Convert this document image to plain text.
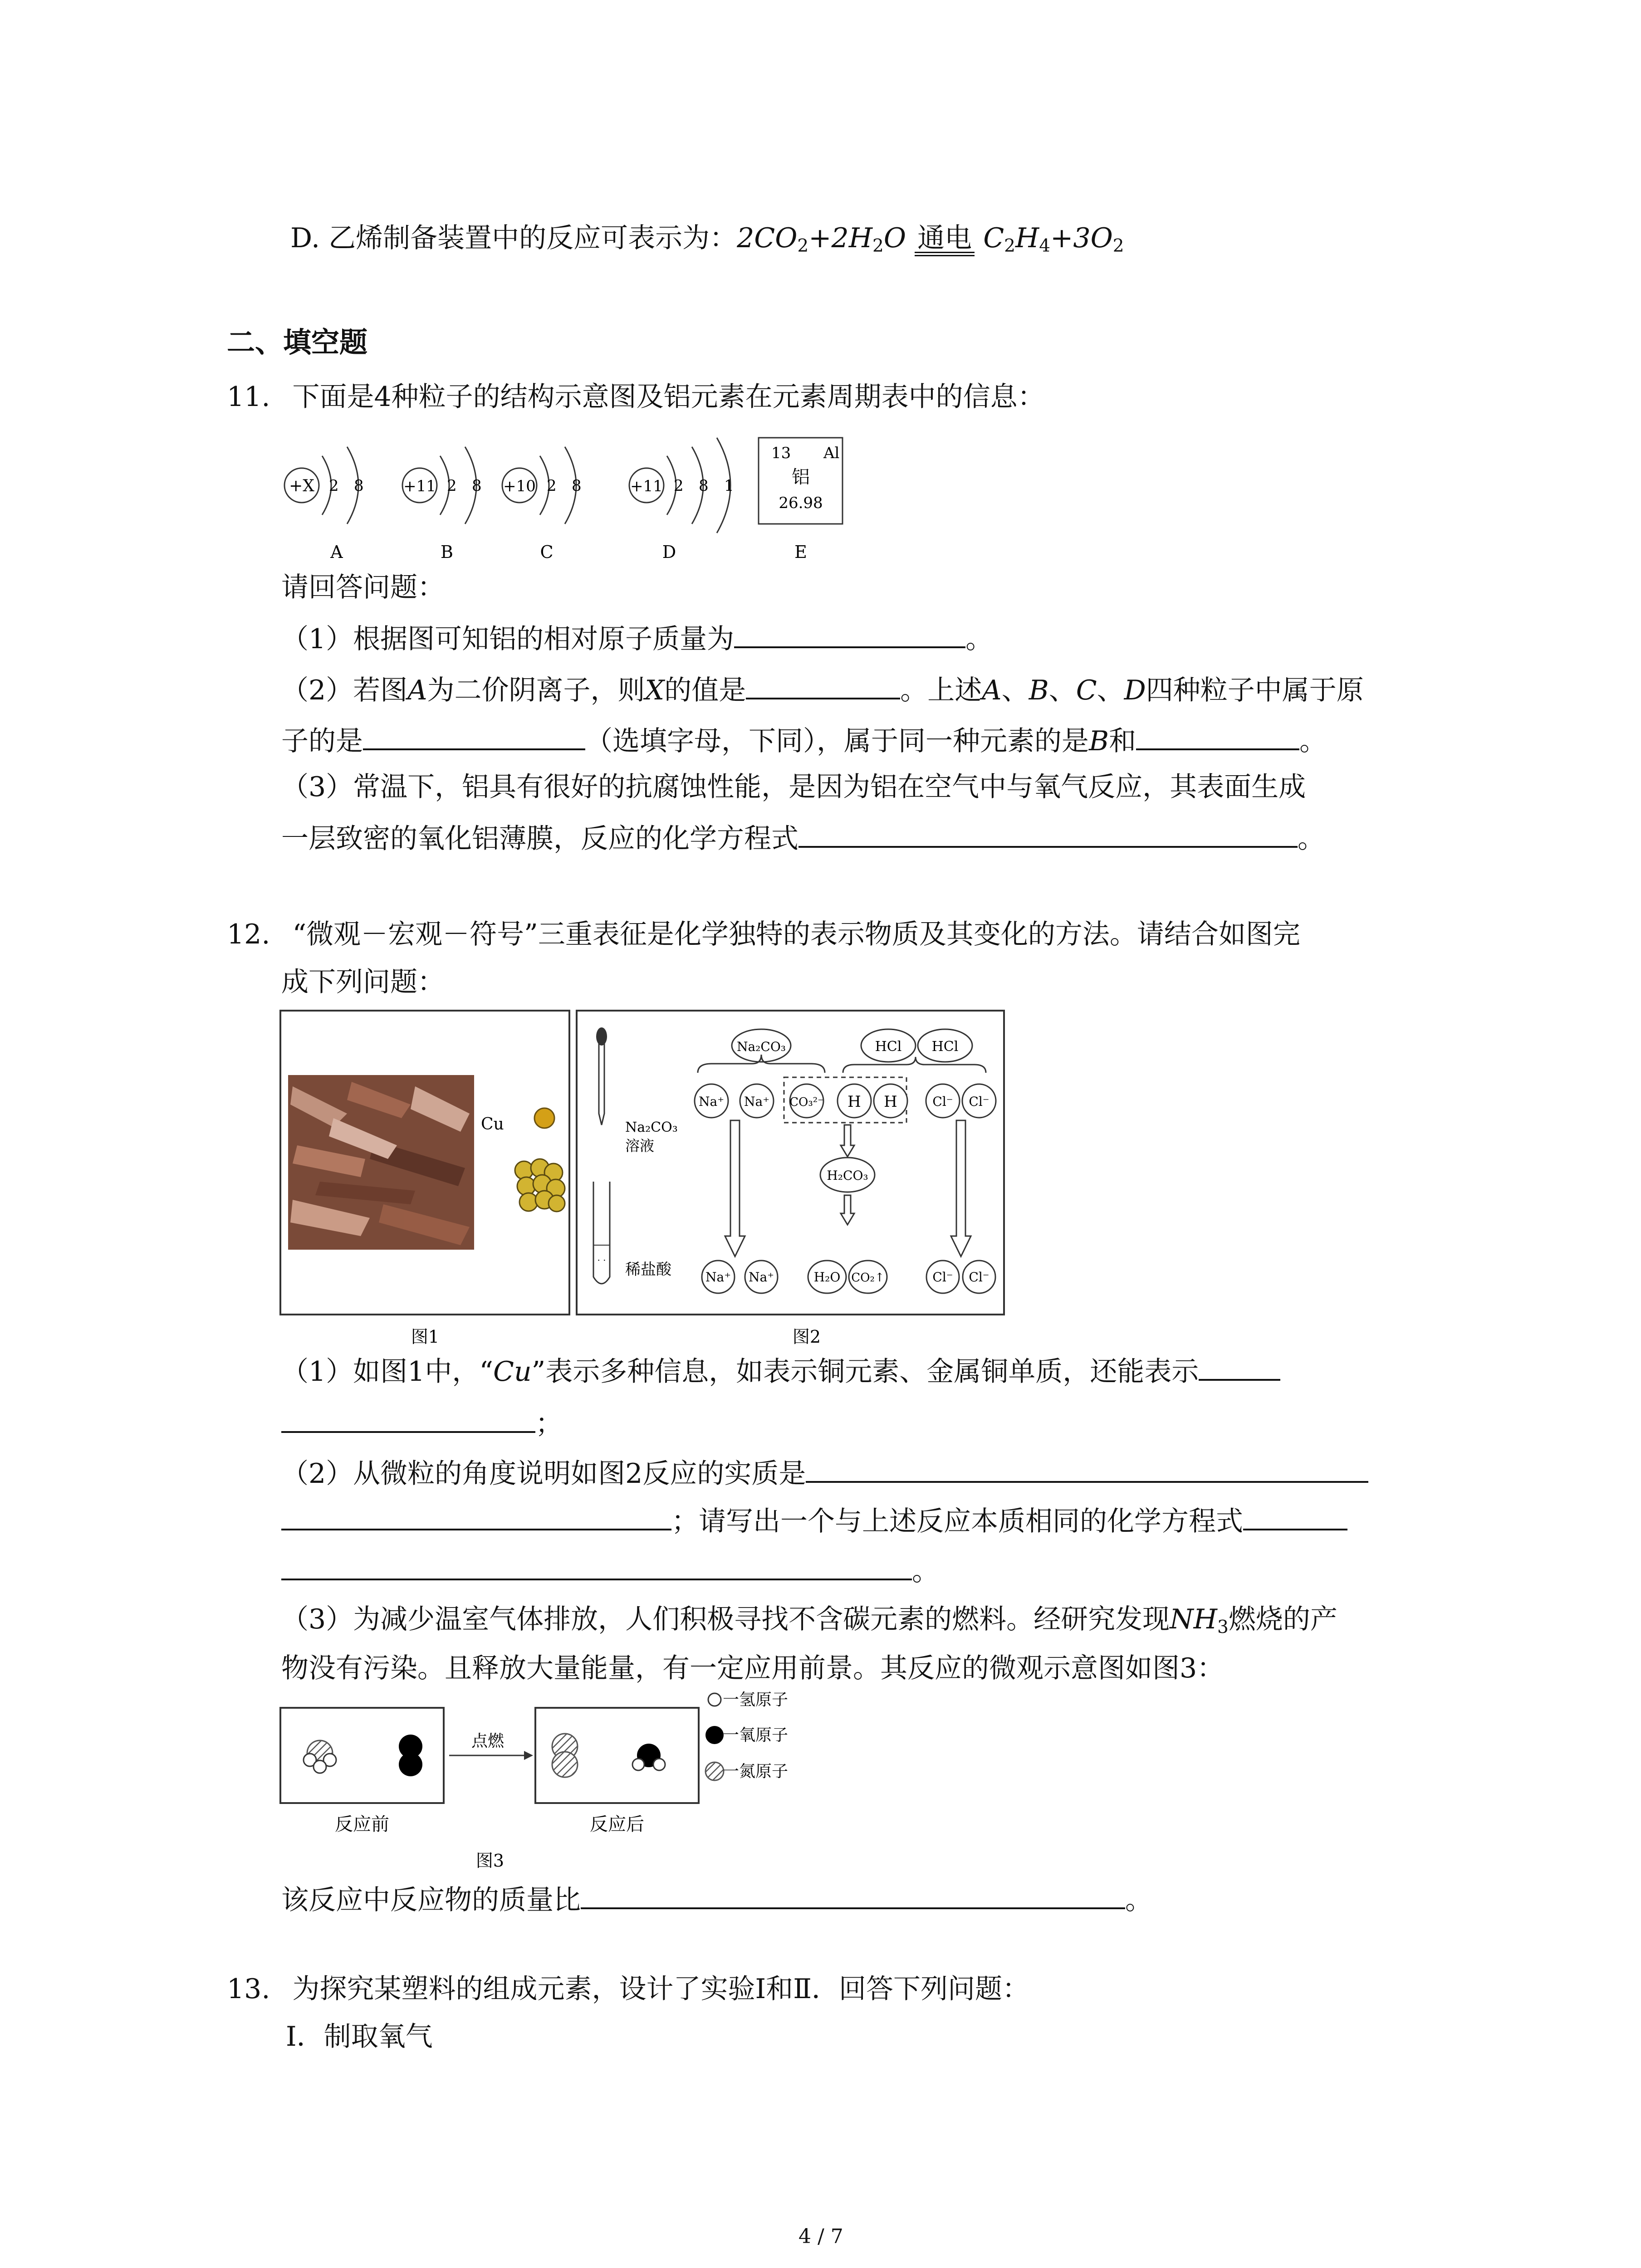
D. 乙烯制备装置中的反应可表示为：$2CO_2+2H_2O$ 通电 $C_2H_4+3O_2$
二、填空题
11. 下面是4种粒子的结构示意图及铝元素在元素周期表中的信息：
+X 2 8
A
+11 2 8
B
+10 2 8
C
+11 2 8 1
D
13 Al
铝
26.98
E
请回答问题：
（1）根据图可知铝的相对原子质量为	。
（2）若图A为二价阴离子，则X的值是	。上述A、B、C、D四种粒子中属于原
子的是	（选填字母，下同），属于同一种元素的是B和	。
（3）常温下，铝具有很好的抗腐蚀性能，是因为铝在空气中与氧气反应，其表面生成
一层致密的氧化铝薄膜，反应的化学方程式	。
12. “微观－宏观－符号”三重表征是化学独特的表示物质及其变化的方法。请结合如图完
成下列问题：
Cu
图1
Na₂CO₃
溶液
· ·
稀盐酸
Na₂CO₃	HCl HCl
Na⁺ Na⁺ CO₃²⁻ H H	Cl⁻ Cl⁻
H₂CO₃
Na⁺ Na⁺	H₂O CO₂↑	Cl⁻ Cl⁻
图2
（1）如图1中，“Cu”表示多种信息，如表示铜元素、金属铜单质，还能表示
；
（2）从微粒的角度说明如图2反应的实质是
；请写出一个与上述反应本质相同的化学方程式
。
（3）为减少温室气体排放，人们积极寻找不含碳元素的燃料。经研究发现$NH_3$燃烧的产
物没有污染。且释放大量能量，有一定应用前景。其反应的微观示意图如图3：
点燃
一氢原子
一氧原子
一氮原子
反应前	反应后
图3
该反应中反应物的质量比	。
13. 为探究某塑料的组成元素，设计了实验Ⅰ和Ⅱ．回答下列问题：
Ⅰ．制取氧气
4 / 7
